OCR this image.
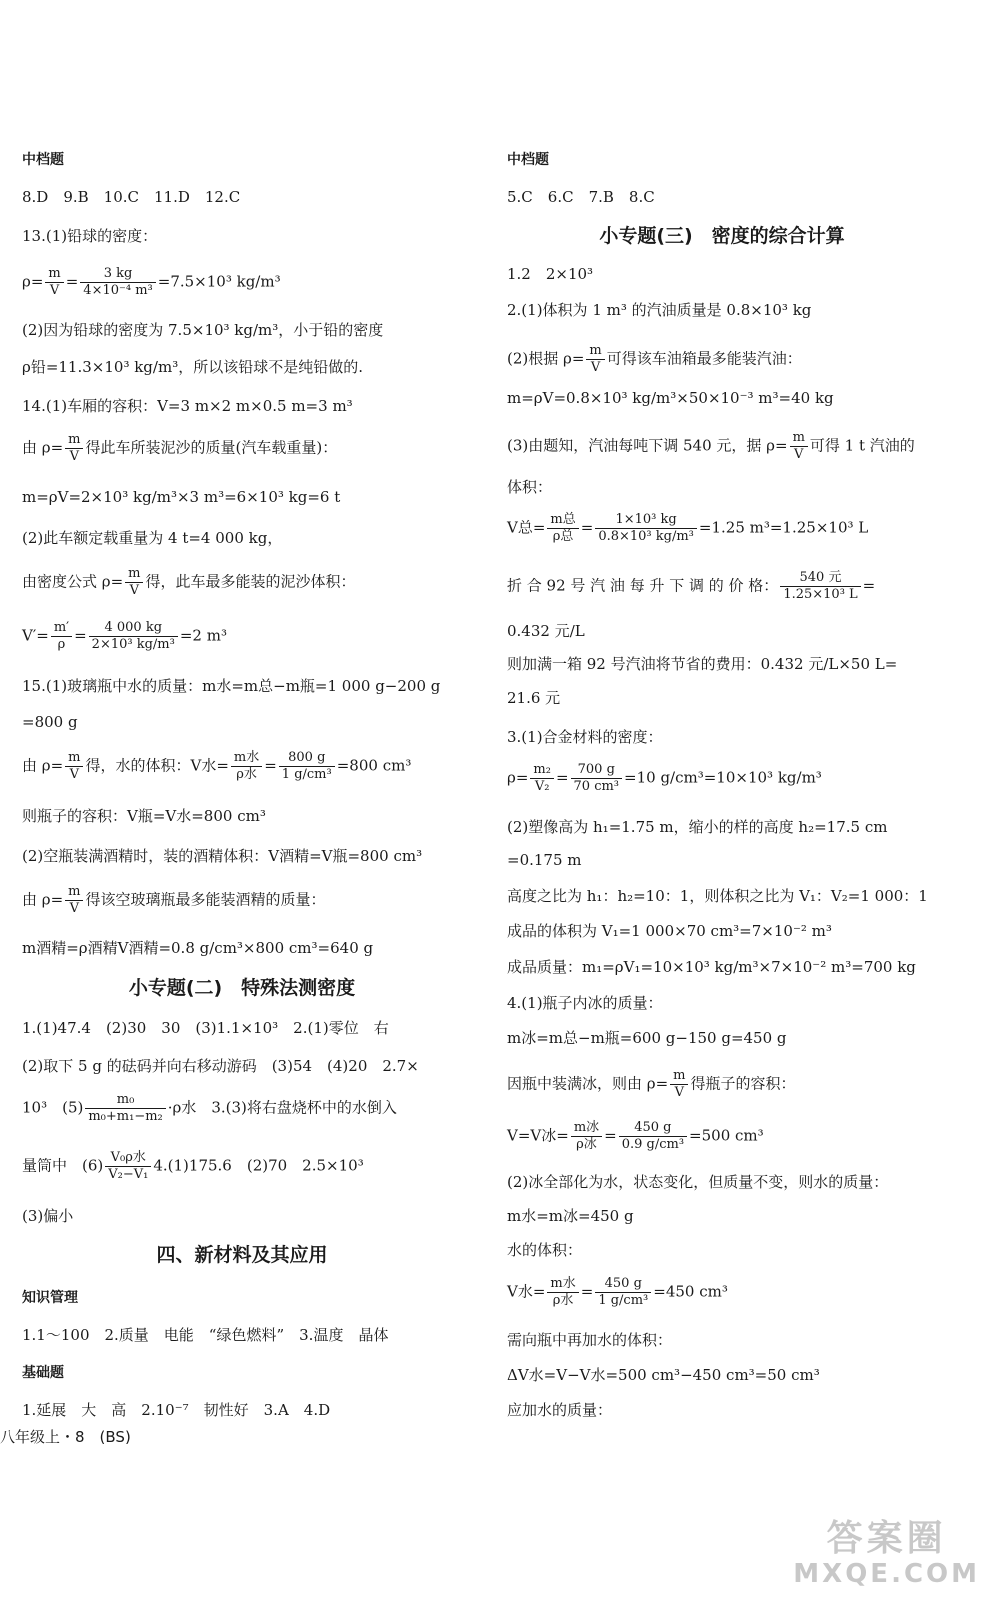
中档题
8.D　9.B　10.C　11.D　12.C
13.(1)铅球的密度：
$\rho= \frac{m}{V} = \frac{3 kg}{\text{4×10⁻⁴ m³}} =7.5\times 10^3$ kg/m³
(2)因为铅球的密度为 7.5×10³ kg/m³，小于铅的密度
ρ铅=11.3×10³ kg/m³，所以该铅球不是纯铅做的.
14.(1)车厢的容积：V=3 m×2 m×0.5 m=3 m³
由 $\rho= \frac{m}{V}$ 得此车所装泥沙的质量(汽车载重量)：
m=ρV=2×10³ kg/m³×3 m³=6×10³ kg=6 t
(2)此车额定载重量为 4 t=4 000 kg，
由密度公式 $\rho= \frac{m}{V}$ 得，此车最多能装的泥沙体积：
$V'= \frac{m'}{\rho} = \frac{4 000 kg}{\text{2×10³ kg/m³}} =2$ m³
15.(1)玻璃瓶中水的质量：m水=m总−m瓶=1 000 g−200 g
=800 g
由 $\rho= \frac{m}{V}$ 得，水的体积：V水= $\frac{\text{m水}}{\text{ρ水}} = \frac{800 g}{\text{1 g/cm³}} =800$ cm³
则瓶子的容积：V瓶=V水=800 cm³
(2)空瓶装满酒精时，装的酒精体积：V酒精=V瓶=800 cm³
由 $\rho= \frac{m}{V}$ 得该空玻璃瓶最多能装酒精的质量：
m酒精=ρ酒精V酒精=0.8 g/cm³×800 cm³=640 g
小专题(二)　特殊法测密度
1.(1)47.4　(2)30　30　(3)1.1×10³　2.(1)零位　右
(2)取下 5 g 的砝码并向右移动游码　(3)54　(4)20　2.7×
10³　$(5) \frac{\text{m₀}}{\text{m₀+m₁−m₂}} \cdot\rho$水　3.(3)将右盘烧杯中的水倒入
量筒中　$(6) \frac{\text{V₀ρ水}}{\text{V₂−V₁}} 4.(1)175.6$　(2)70　2.5×10³
(3)偏小
四、新材料及其应用
知识管理
1.1～100　2.质量　电能　“绿色燃料”　3.温度　晶体
基础题
1.延展　大　高　2.10⁻⁷　韧性好　3.A　4.D
八年级上・8　(BS)
中档题
5.C　6.C　7.B　8.C
小专题(三)　密度的综合计算
1.2　2×10³
2.(1)体积为 1 m³ 的汽油质量是 0.8×10³ kg
(2)根据 $\rho= \frac{m}{V}$ 可得该车油箱最多能装汽油：
m=ρV=0.8×10³ kg/m³×50×10⁻³ m³=40 kg
(3)由题知，汽油每吨下调 540 元，据 $\rho= \frac{m}{V}$ 可得 1 t 汽油的
体积：
V总= $\frac{\text{m总}}{\text{ρ总}} = \frac{\text{1×10³ kg}}{\text{0.8×10³ kg/m³}} =1.25$ m³=1.25×10³ L
折 合 92 号 汽 油 每 升 下 调 的 价 格： $\frac{\text{540 元}}{\text{1.25×10³ L}}$ =
0.432 元/L
则加满一箱 92 号汽油将节省的费用：0.432 元/L×50 L=
21.6 元
3.(1)合金材料的密度：
$\rho= \frac{\text{m₂}}{\text{V₂}} = \frac{700 g}{\text{70 cm³}} =10$ g/cm³=10×10³ kg/m³
(2)塑像高为 h₁=1.75 m，缩小的样的高度 h₂=17.5 cm
=0.175 m
高度之比为 h₁：h₂=10：1，则体积之比为 V₁：V₂=1 000：1
成品的体积为 V₁=1 000×70 cm³=7×10⁻² m³
成品质量：m₁=ρV₁=10×10³ kg/m³×7×10⁻² m³=700 kg
4.(1)瓶子内冰的质量：
m冰=m总−m瓶=600 g−150 g=450 g
因瓶中装满冰，则由 $\rho= \frac{m}{V}$ 得瓶子的容积：
V=V冰= $\frac{\text{m冰}}{\text{ρ冰}} = \frac{450 g}{\text{0.9 g/cm³}} =500$ cm³
(2)冰全部化为水，状态变化，但质量不变，则水的质量：
m水=m冰=450 g
水的体积：
V水= $\frac{\text{m水}}{\text{ρ水}} = \frac{450 g}{\text{1 g/cm³}} =450$ cm³
需向瓶中再加水的体积：
ΔV水=V−V水=500 cm³−450 cm³=50 cm³
应加水的质量：
答案圈
MXQE.COM
